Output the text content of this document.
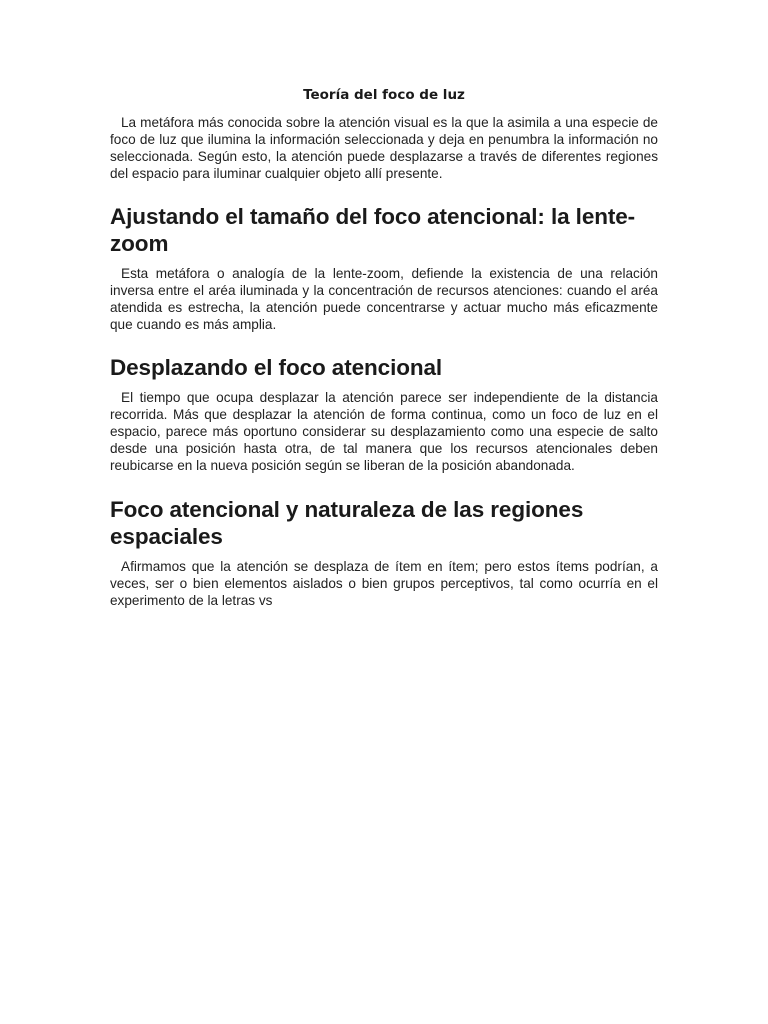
Teoría del foco de luz

La metáfora más conocida sobre la atención visual es la que la asimila a una especie de foco de luz que ilumina la información seleccionada y deja en penumbra la información no seleccionada. Según esto, la atención puede desplazarse a través de diferentes regiones del espacio para iluminar cualquier objeto allí presente.

Ajustando el tamaño del foco atencional: la lente-zoom

Esta metáfora o analogía de la lente-zoom, defiende la existencia de una relación inversa entre el aréa iluminada y la concentración de recursos atenciones: cuando el aréa atendida es estrecha, la atención puede concentrarse y actuar mucho más eficazmente que cuando es más amplia.

Desplazando el foco atencional

El tiempo que ocupa desplazar la atención parece ser independiente de la distancia recorrida. Más que desplazar la atención de forma continua, como un foco de luz en el espacio, parece más oportuno considerar su desplazamiento como una especie de salto desde una posición hasta otra, de tal manera que los recursos atencionales deben reubicarse en la nueva posición según se liberan de la posición abandonada.

Foco atencional y naturaleza de las regiones espaciales

Afirmamos que la atención se desplaza de ítem en ítem; pero estos ítems podrían, a veces, ser o bien elementos aislados o bien grupos perceptivos, tal como ocurría en el experimento de la letras vs
